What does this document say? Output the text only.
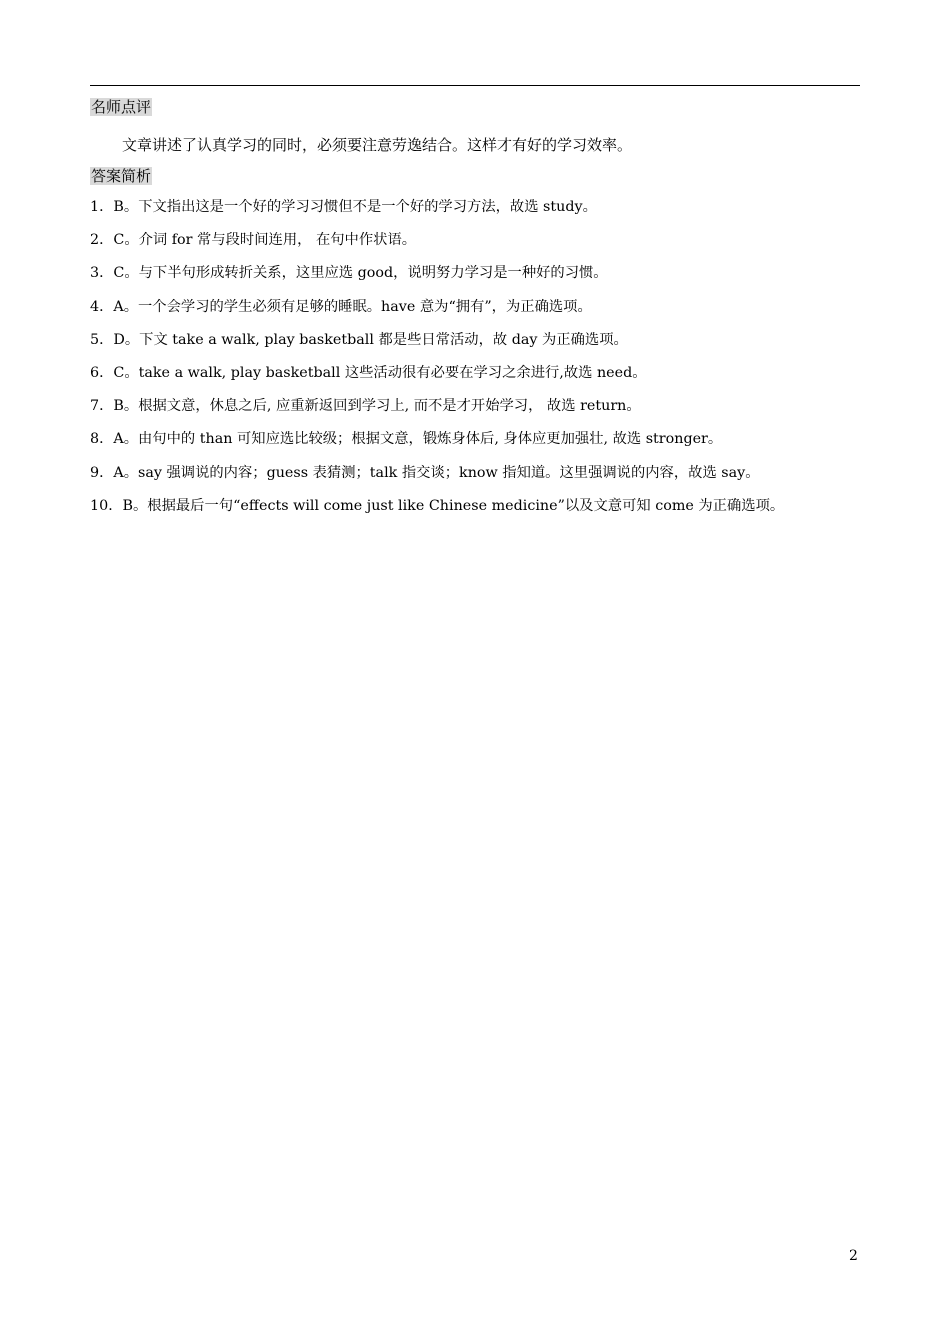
名师点评

文章讲述了认真学习的同时，必须要注意劳逸结合。这样才有好的学习效率。

答案简析
1．B。下文指出这是一个好的学习习惯但不是一个好的学习方法，故选 study。
2．C。介词 for 常与段时间连用， 在句中作状语。
3．C。与下半句形成转折关系，这里应选 good，说明努力学习是一种好的习惯。
4．A。一个会学习的学生必须有足够的睡眠。have 意为“拥有”，为正确选项。
5．D。下文 take a walk, play basketball 都是些日常活动，故 day 为正确选项。
6．C。take a walk, play basketball 这些活动很有必要在学习之余进行,故选 need。
7．B。根据文意，休息之后, 应重新返回到学习上, 而不是才开始学习， 故选 return。
8．A。由句中的 than 可知应选比较级；根据文意，锻炼身体后, 身体应更加强壮, 故选 stronger。
9．A。say 强调说的内容；guess 表猜测；talk 指交谈；know 指知道。这里强调说的内容，故选 say。
10．B。根据最后一句“effects will come just like Chinese medicine”以及文意可知 come 为正确选项。
2
